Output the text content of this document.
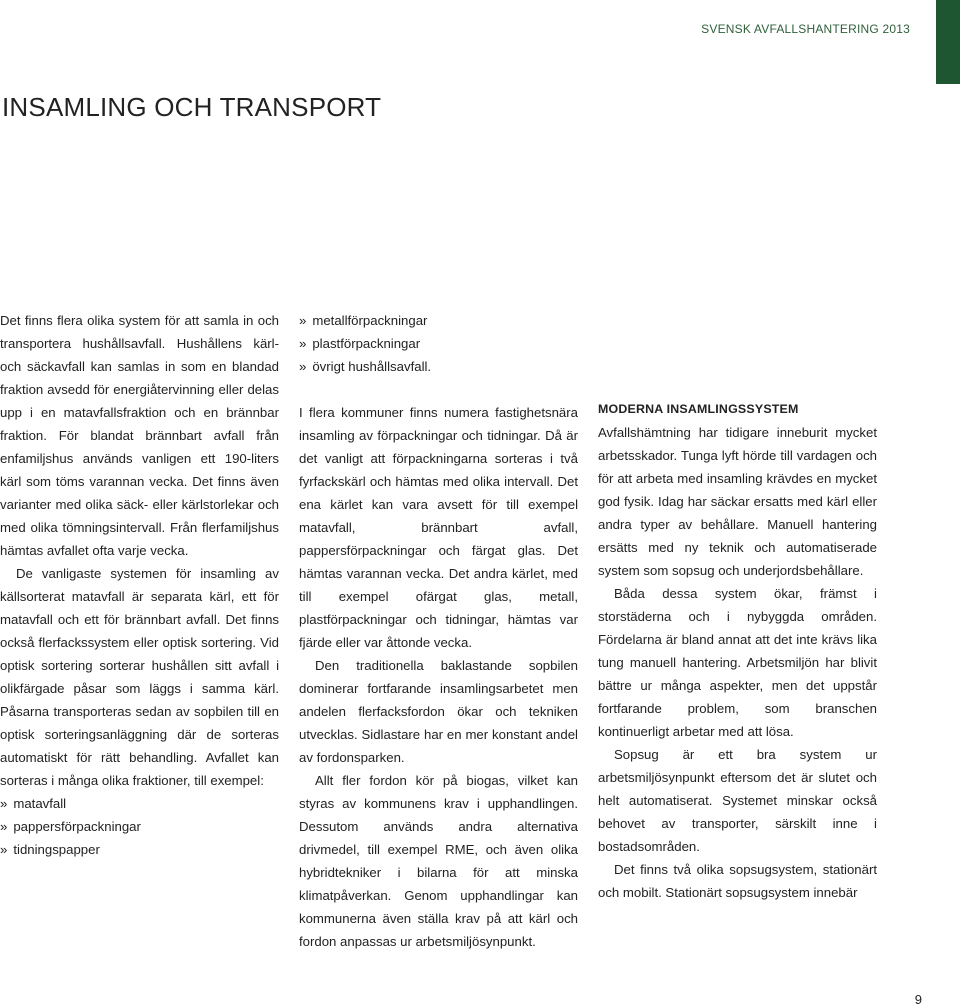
SVENSK AVFALLSHANTERING 2013
INSAMLING OCH TRANSPORT

Det finns flera olika system för att samla in och transportera hushållsavfall. Hushållens kärl- och säckavfall kan samlas in som en blandad fraktion avsedd för energiåtervinning eller delas upp i en matavfallsfraktion och en brännbar fraktion. För blandat brännbart avfall från enfamiljshus används vanligen ett 190-liters kärl som töms varannan vecka. Det finns även varianter med olika säck- eller kärlstorlekar och med olika tömningsintervall. Från flerfamiljshus hämtas avfallet ofta varje vecka.

De vanligaste systemen för insamling av källsorterat matavfall är separata kärl, ett för matavfall och ett för brännbart avfall. Det finns också flerfackssystem eller optisk sortering. Vid optisk sortering sorterar hushållen sitt avfall i olikfärgade påsar som läggs i samma kärl. Påsarna transporteras sedan av sopbilen till en optisk sorteringsanläggning där de sorteras automatiskt för rätt behandling. Avfallet kan sorteras i många olika fraktioner, till exempel:

» matavfall
» pappersförpackningar
» tidningspapper
» metallförpackningar
» plastförpackningar
» övrigt hushållsavfall.

I flera kommuner finns numera fastighetsnära insamling av förpackningar och tidningar. Då är det vanligt att förpackningarna sorteras i två fyrfackskärl och hämtas med olika intervall. Det ena kärlet kan vara avsett för till exempel matavfall, brännbart avfall, pappersförpackningar och färgat glas. Det hämtas varannan vecka. Det andra kärlet, med till exempel ofärgat glas, metall, plastförpackningar och tidningar, hämtas var fjärde eller var åttonde vecka.

Den traditionella baklastande sopbilen dominerar fortfarande insamlingsarbetet men andelen flerfacksfordon ökar och tekniken utvecklas. Sidlastare har en mer konstant andel av fordonsparken.

Allt fler fordon kör på biogas, vilket kan styras av kommunens krav i upphandlingen. Dessutom används andra alternativa drivmedel, till exempel RME, och även olika hybridtekniker i bilarna för att minska klimatpåverkan. Genom upphandlingar kan kommunerna även ställa krav på att kärl och fordon anpassas ur arbetsmiljösynpunkt.

MODERNA INSAMLINGSSYSTEM

Avfallshämtning har tidigare inneburit mycket arbetsskador. Tunga lyft hörde till vardagen och för att arbeta med insamling krävdes en mycket god fysik. Idag har säckar ersatts med kärl eller andra typer av behållare. Manuell hantering ersätts med ny teknik och automatiserade system som sopsug och underjordsbehållare.

Båda dessa system ökar, främst i storstäderna och i nybyggda områden. Fördelarna är bland annat att det inte krävs lika tung manuell hantering. Arbetsmiljön har blivit bättre ur många aspekter, men det uppstår fortfarande problem, som branschen kontinuerligt arbetar med att lösa.

Sopsug är ett bra system ur arbetsmiljösynpunkt eftersom det är slutet och helt automatiserat. Systemet minskar också behovet av transporter, särskilt inne i bostadsområden.

Det finns två olika sopsugsystem, stationärt och mobilt. Stationärt sopsugsystem innebär

9
